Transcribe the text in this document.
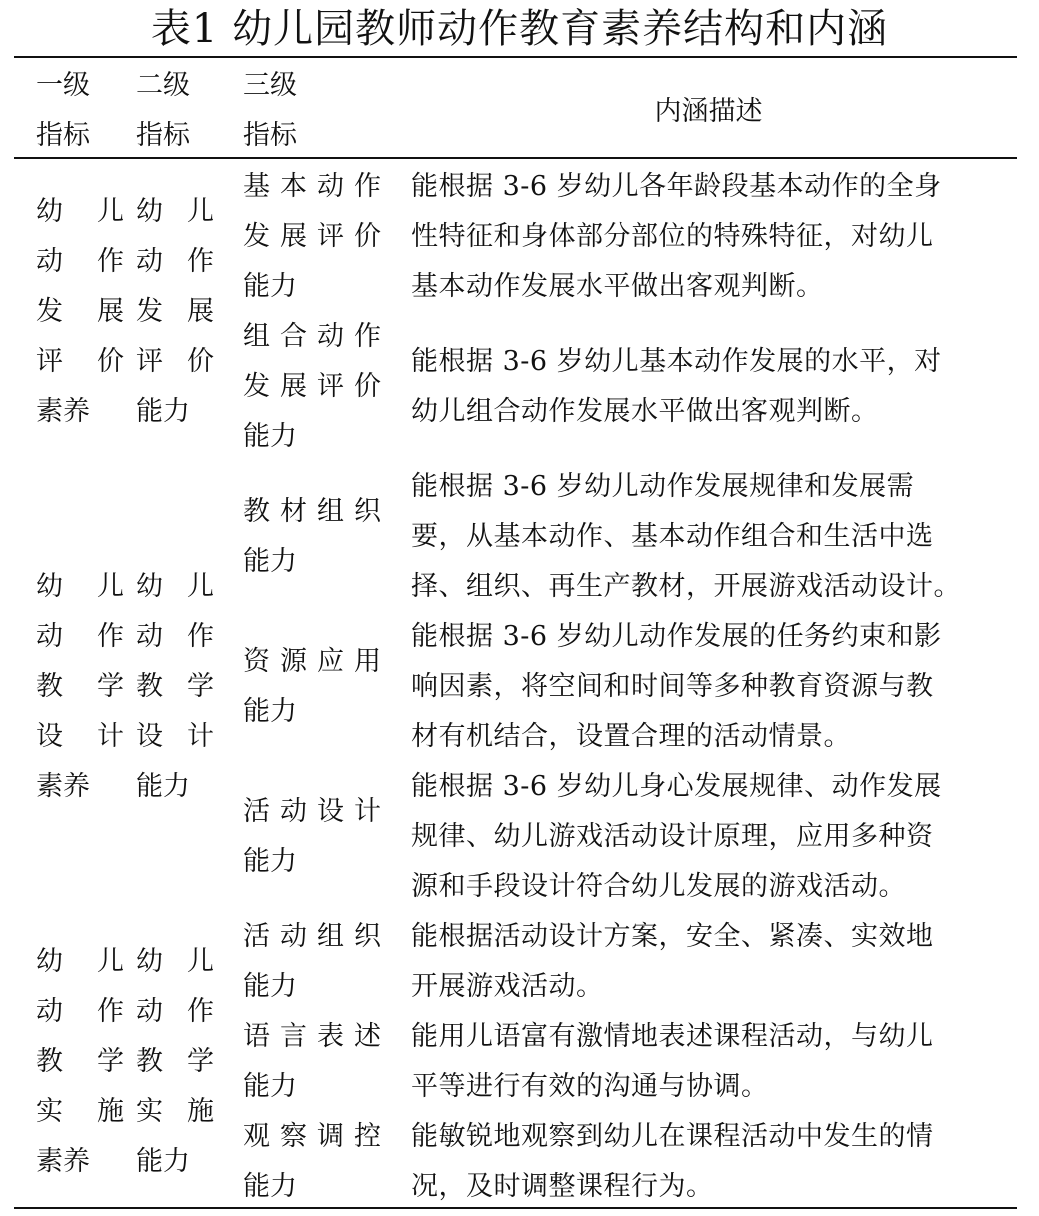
表1 幼儿园教师动作教育素养结构和内涵
一级
指标
二级
指标
三级
指标
内涵描述
幼儿
动作
发展
评价
素养
幼儿
动作
发展
评价
能力
基本动作
发展评价
能力
能根据 3-6 岁幼儿各年龄段基本动作的全身
性特征和身体部分部位的特殊特征，对幼儿
基本动作发展水平做出客观判断。
组合动作
发展评价
能力
能根据 3-6 岁幼儿基本动作发展的水平，对
幼儿组合动作发展水平做出客观判断。
幼儿
动作
教学
设计
素养
幼儿
动作
教学
设计
能力
教材组织
能力
能根据 3-6 岁幼儿动作发展规律和发展需
要，从基本动作、基本动作组合和生活中选
择、组织、再生产教材，开展游戏活动设计。
资源应用
能力
能根据 3-6 岁幼儿动作发展的任务约束和影
响因素，将空间和时间等多种教育资源与教
材有机结合，设置合理的活动情景。
活动设计
能力
能根据 3-6 岁幼儿身心发展规律、动作发展
规律、幼儿游戏活动设计原理，应用多种资
源和手段设计符合幼儿发展的游戏活动。
幼儿
动作
教学
实施
素养
幼儿
动作
教学
实施
能力
活动组织
能力
能根据活动设计方案，安全、紧凑、实效地
开展游戏活动。
语言表述
能力
能用儿语富有激情地表述课程活动，与幼儿
平等进行有效的沟通与协调。
观察调控
能力
能敏锐地观察到幼儿在课程活动中发生的情
况，及时调整课程行为。
